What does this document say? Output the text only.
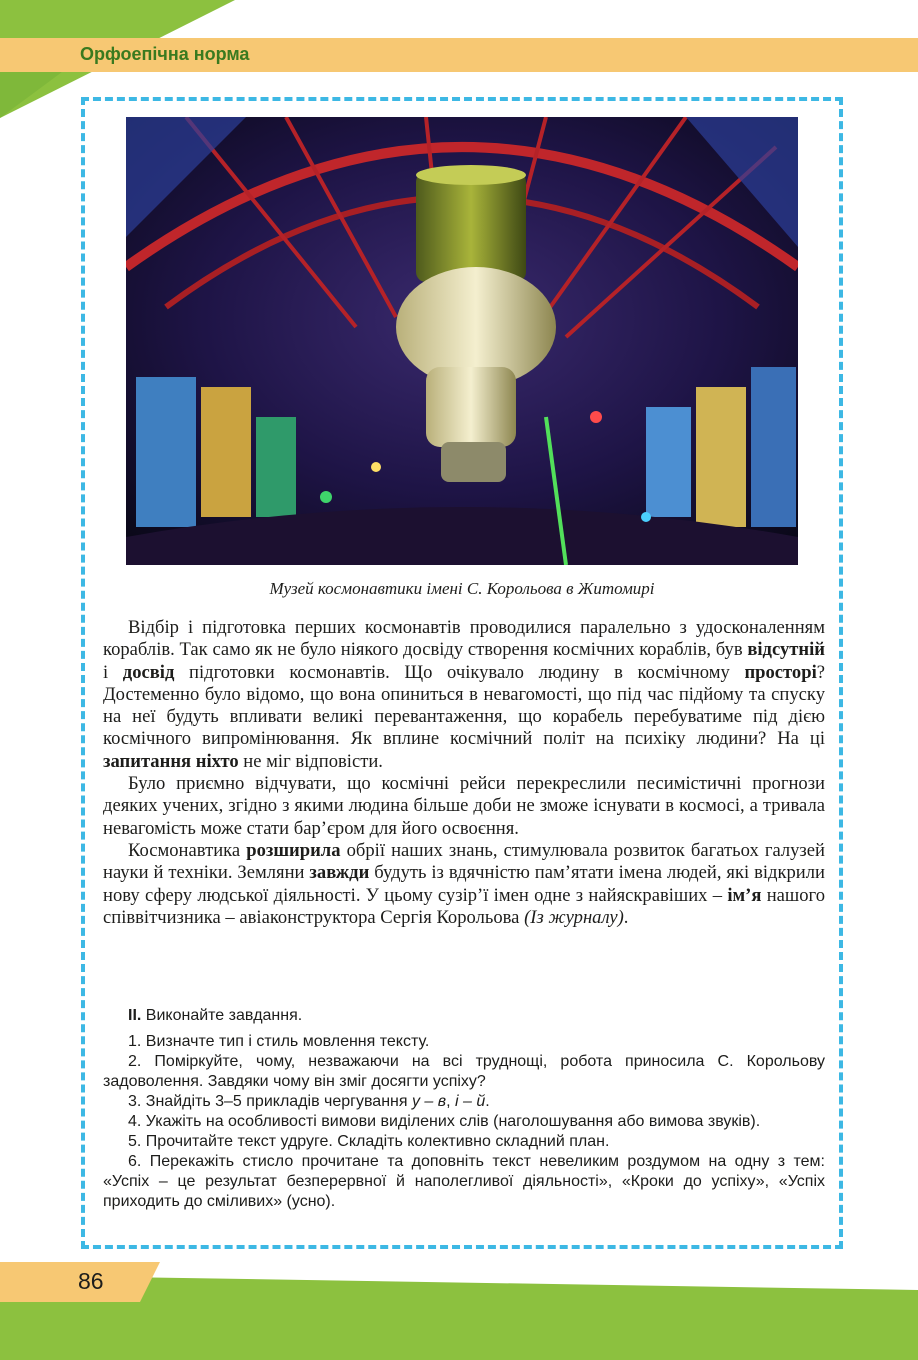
Орфоепічна норма
86
Музей космонавтики імені С. Корольова в Житомирі

Відбір і підготовка перших космонавтів проводилися паралельно з удосконаленням кораблів. Так само як не було ніякого досвіду створення космічних кораблів, був відсутній і досвід підготовки космонавтів. Що очікувало людину в космічному просторі? Достеменно було відомо, що вона опиниться в невагомості, що під час підйому та спуску на неї будуть впливати великі перевантаження, що корабель перебуватиме під дією космічного випромінювання. Як вплине космічний політ на психіку людини? На ці запитання ніхто не міг відповісти.

Було приємно відчувати, що космічні рейси перекреслили песимістичні прогнози деяких учених, згідно з якими людина більше доби не зможе існувати в космосі, а тривала невагомість може стати бар’єром для його освоєння.

Космонавтика розширила обрії наших знань, стимулювала розвиток багатьох галузей науки й техніки. Земляни завжди будуть із вдячністю пам’ятати імена людей, які відкрили нову сферу людської діяльності. У цьому сузір’ї імен одне з найяскравіших – ім’я нашого співвітчизника – авіаконструктора Сергія Корольова (Із журналу).

II. Виконайте завдання.

1. Визначте тип і стиль мовлення тексту.

2. Поміркуйте, чому, незважаючи на всі труднощі, робота приносила С. Корольову задоволення. Завдяки чому він зміг досягти успіху?

3. Знайдіть 3–5 прикладів чергування у – в, і – й.

4. Укажіть на особливості вимови виділених слів (наголошування або вимова звуків).

5. Прочитайте текст удруге. Складіть колективно складний план.

6. Перекажіть стисло прочитане та доповніть текст невеликим роздумом на одну з тем: «Успіх – це результат безперервної й наполегливої діяльності», «Кроки до успіху», «Успіх приходить до сміливих» (усно).
